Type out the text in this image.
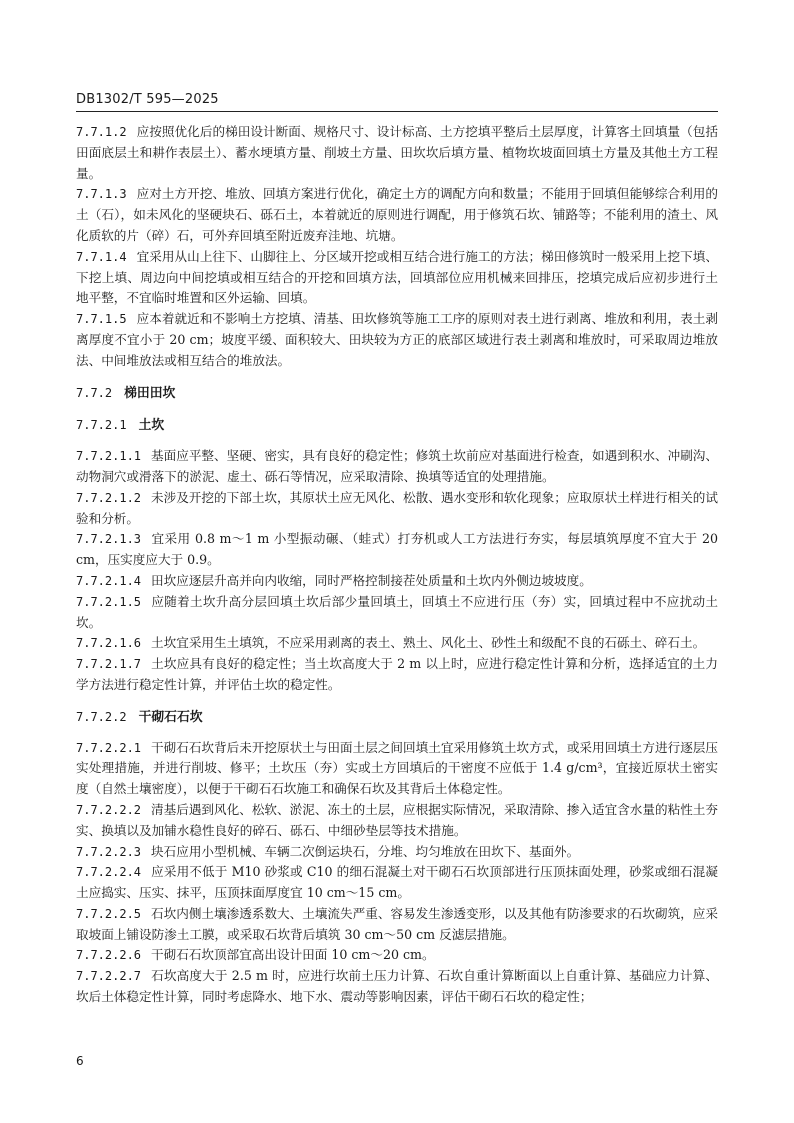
DB1302/T 595—2025
7.7.1.2 应按照优化后的梯田设计断面、规格尺寸、设计标高、土方挖填平整后土层厚度，计算客土回填量（包括田面底层土和耕作表层土）、蓄水埂填方量、削坡土方量、田坎坎后填方量、植物坎坡面回填土方量及其他土方工程量。
7.7.1.3 应对土方开挖、堆放、回填方案进行优化，确定土方的调配方向和数量；不能用于回填但能够综合利用的土（石），如未风化的坚硬块石、砾石土，本着就近的原则进行调配，用于修筑石坎、铺路等；不能利用的渣土、风化质软的片（碎）石，可外弃回填至附近废弃洼地、坑塘。
7.7.1.4 宜采用从山上往下、山脚往上、分区域开挖或相互结合进行施工的方法；梯田修筑时一般采用上挖下填、下挖上填、周边向中间挖填或相互结合的开挖和回填方法，回填部位应用机械来回排压，挖填完成后应初步进行土地平整，不宜临时堆置和区外运输、回填。
7.7.1.5 应本着就近和不影响土方挖填、清基、田坎修筑等施工工序的原则对表土进行剥离、堆放和利用，表土剥离厚度不宜小于 20 cm；坡度平缓、面积较大、田块较为方正的底部区域进行表土剥离和堆放时，可采取周边堆放法、中间堆放法或相互结合的堆放法。
7.7.2 梯田田坎
7.7.2.1 土坎
7.7.2.1.1 基面应平整、坚硬、密实，具有良好的稳定性；修筑土坎前应对基面进行检查，如遇到积水、冲刷沟、动物洞穴或滑落下的淤泥、虚土、砾石等情况，应采取清除、换填等适宜的处理措施。
7.7.2.1.2 未涉及开挖的下部土坎，其原状土应无风化、松散、遇水变形和软化现象；应取原状土样进行相关的试验和分析。
7.7.2.1.3 宜采用 0.8 m～1 m 小型振动碾、（蛙式）打夯机或人工方法进行夯实，每层填筑厚度不宜大于 20 cm，压实度应大于 0.9。
7.7.2.1.4 田坎应逐层升高并向内收缩，同时严格控制接茬处质量和土坎内外侧边坡坡度。
7.7.2.1.5 应随着土坎升高分层回填土坎后部少量回填土，回填土不应进行压（夯）实，回填过程中不应扰动土坎。
7.7.2.1.6 土坎宜采用生土填筑，不应采用剥离的表土、熟土、风化土、砂性土和级配不良的石砾土、碎石土。
7.7.2.1.7 土坎应具有良好的稳定性；当土坎高度大于 2 m 以上时，应进行稳定性计算和分析，选择适宜的土力学方法进行稳定性计算，并评估土坎的稳定性。
7.7.2.2 干砌石石坎
7.7.2.2.1 干砌石石坎背后未开挖原状土与田面土层之间回填土宜采用修筑土坎方式，或采用回填土方进行逐层压实处理措施，并进行削坡、修平；土坎压（夯）实或土方回填后的干密度不应低于 1.4 g/cm³，宜接近原状土密实度（自然土壤密度），以便于干砌石石坎施工和确保石坎及其背后土体稳定性。
7.7.2.2.2 清基后遇到风化、松软、淤泥、冻土的土层，应根据实际情况，采取清除、掺入适宜含水量的粘性土夯实、换填以及加铺水稳性良好的碎石、砾石、中细砂垫层等技术措施。
7.7.2.2.3 块石应用小型机械、车辆二次倒运块石，分堆、均匀堆放在田坎下、基面外。
7.7.2.2.4 应采用不低于 M10 砂浆或 C10 的细石混凝土对干砌石石坎顶部进行压顶抹面处理，砂浆或细石混凝土应捣实、压实、抹平，压顶抹面厚度宜 10 cm～15 cm。
7.7.2.2.5 石坎内侧土壤渗透系数大、土壤流失严重、容易发生渗透变形，以及其他有防渗要求的石坎砌筑，应采取坡面上铺设防渗土工膜，或采取石坎背后填筑 30 cm～50 cm 反滤层措施。
7.7.2.2.6 干砌石石坎顶部宜高出设计田面 10 cm～20 cm。
7.7.2.2.7 石坎高度大于 2.5 m 时，应进行坎前土压力计算、石坎自重计算断面以上自重计算、基础应力计算、坎后土体稳定性计算，同时考虑降水、地下水、震动等影响因素，评估干砌石石坎的稳定性；
6
